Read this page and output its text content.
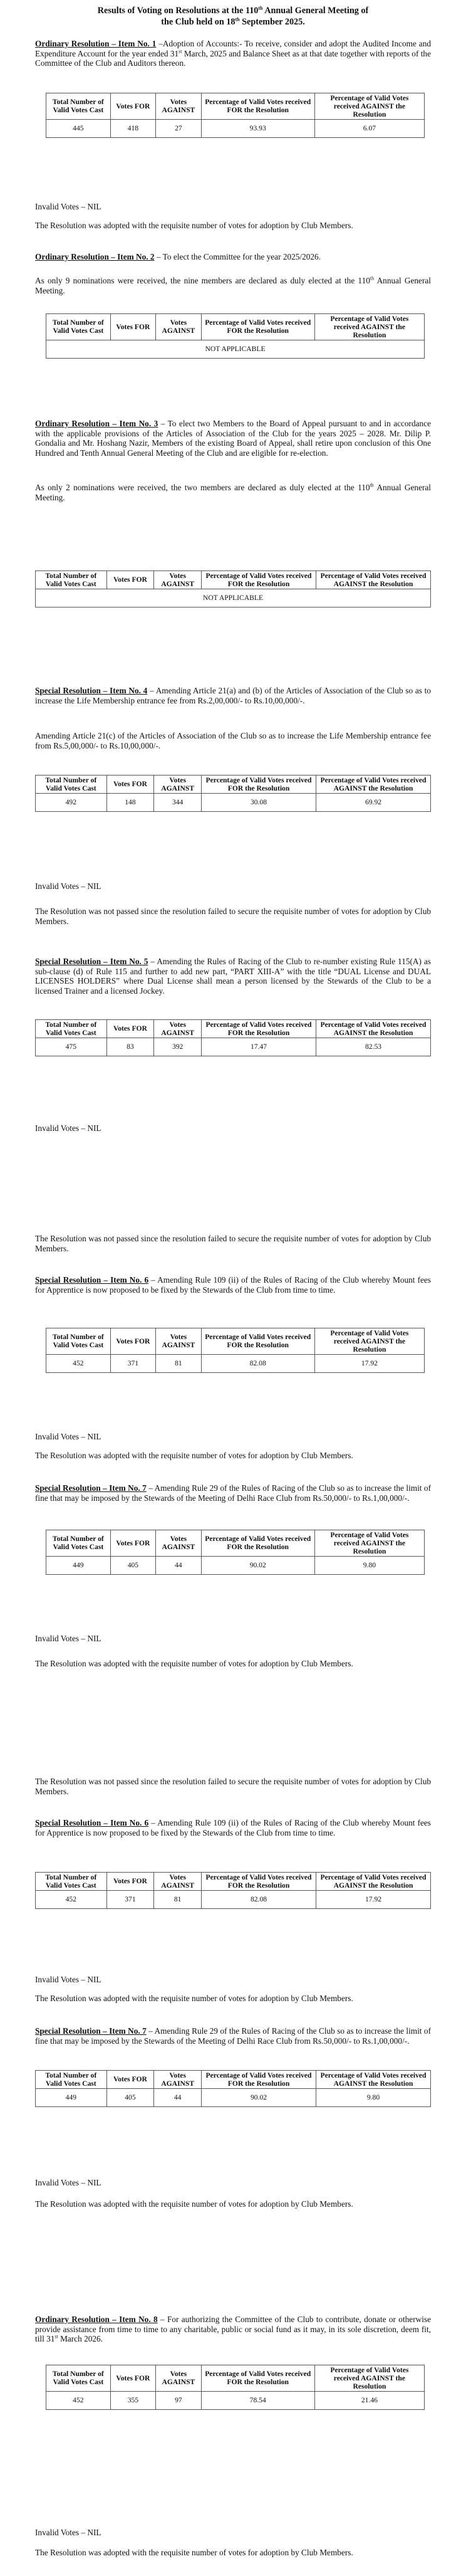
Results of Voting on Resolutions at the 110th Annual General Meeting of
the Club held on 18th September 2025.

Ordinary Resolution – Item No. 1 –Adoption of Accounts:- To receive, consider and adopt the Audited Income and Expenditure Account for the year ended 31st March, 2025 and Balance Sheet as at that date together with reports of the Committee of the Club and Auditors thereon.

Total Number of Valid Votes Cast	Votes FOR	Votes AGAINST	Percentage of Valid Votes received FOR the Resolution	Percentage of Valid Votes received AGAINST the Resolution
445	418	27	93.93	6.07

Invalid Votes – NIL

The Resolution was adopted with the requisite number of votes for adoption by Club Members.

Ordinary Resolution – Item No. 2 – To elect the Committee for the year 2025/2026.

As only 9 nominations were received, the nine members are declared as duly elected at the 110th Annual General Meeting.

Total Number of Valid Votes Cast	Votes FOR	Votes AGAINST	Percentage of Valid Votes received FOR the Resolution	Percentage of Valid Votes received AGAINST the Resolution
NOT APPLICABLE

Ordinary Resolution – Item No. 3 – To elect two Members to the Board of Appeal pursuant to and in accordance with the applicable provisions of the Articles of Association of the Club for the years 2025 – 2028. Mr. Dilip P. Gondalia and Mr. Hoshang Nazir, Members of the existing Board of Appeal, shall retire upon conclusion of this One Hundred and Tenth Annual General Meeting of the Club and are eligible for re-election.

As only 2 nominations were received, the two members are declared as duly elected at the 110th Annual General Meeting.

Total Number of Valid Votes Cast	Votes FOR	Votes AGAINST	Percentage of Valid Votes received FOR the Resolution	Percentage of Valid Votes received AGAINST the Resolution
NOT APPLICABLE

Special Resolution – Item No. 4 – Amending Article 21(a) and (b) of the Articles of Association of the Club so as to increase the Life Membership entrance fee from Rs.2,00,000/- to Rs.10,00,000/-.

Amending Article 21(c) of the Articles of Association of the Club so as to increase the Life Membership entrance fee from Rs.5,00,000/- to Rs.10,00,000/-.

Total Number of Valid Votes Cast	Votes FOR	Votes AGAINST	Percentage of Valid Votes received FOR the Resolution	Percentage of Valid Votes received AGAINST the Resolution
492	148	344	30.08	69.92

Invalid Votes – NIL

The Resolution was not passed since the resolution failed to secure the requisite number of votes for adoption by Club Members.

Special Resolution – Item No. 5 – Amending the Rules of Racing of the Club to re-number existing Rule 115(A) as sub-clause (d) of Rule 115 and further to add new part, “PART XIII-A” with the title “DUAL License and DUAL LICENSES HOLDERS” where Dual License shall mean a person licensed by the Stewards of the Club to be a licensed Trainer and a licensed Jockey.

Total Number of Valid Votes Cast	Votes FOR	Votes AGAINST	Percentage of Valid Votes received FOR the Resolution	Percentage of Valid Votes received AGAINST the Resolution
475	83	392	17.47	82.53

Invalid Votes – NIL

The Resolution was not passed since the resolution failed to secure the requisite number of votes for adoption by Club Members.

Special Resolution – Item No. 6 – Amending Rule 109 (ii) of the Rules of Racing of the Club whereby Mount fees for Apprentice is now proposed to be fixed by the Stewards of the Club from time to time.

Total Number of Valid Votes Cast	Votes FOR	Votes AGAINST	Percentage of Valid Votes received FOR the Resolution	Percentage of Valid Votes received AGAINST the Resolution
452	371	81	82.08	17.92

Invalid Votes – NIL

The Resolution was adopted with the requisite number of votes for adoption by Club Members.

Special Resolution – Item No. 7 – Amending Rule 29 of the Rules of Racing of the Club so as to increase the limit of fine that may be imposed by the Stewards of the Meeting of Delhi Race Club from Rs.50,000/- to Rs.1,00,000/-.

Total Number of Valid Votes Cast	Votes FOR	Votes AGAINST	Percentage of Valid Votes received FOR the Resolution	Percentage of Valid Votes received AGAINST the Resolution
449	405	44	90.02	9.80

Invalid Votes – NIL

The Resolution was adopted with the requisite number of votes for adoption by Club Members.

The Resolution was not passed since the resolution failed to secure the requisite number of votes for adoption by Club Members.

Special Resolution – Item No. 6 – Amending Rule 109 (ii) of the Rules of Racing of the Club whereby Mount fees for Apprentice is now proposed to be fixed by the Stewards of the Club from time to time.

Total Number of Valid Votes Cast	Votes FOR	Votes AGAINST	Percentage of Valid Votes received FOR the Resolution	Percentage of Valid Votes received AGAINST the Resolution
452	371	81	82.08	17.92

Invalid Votes – NIL

The Resolution was adopted with the requisite number of votes for adoption by Club Members.

Special Resolution – Item No. 7 – Amending Rule 29 of the Rules of Racing of the Club so as to increase the limit of fine that may be imposed by the Stewards of the Meeting of Delhi Race Club from Rs.50,000/- to Rs.1,00,000/-.

Total Number of Valid Votes Cast	Votes FOR	Votes AGAINST	Percentage of Valid Votes received FOR the Resolution	Percentage of Valid Votes received AGAINST the Resolution
449	405	44	90.02	9.80

Invalid Votes – NIL

The Resolution was adopted with the requisite number of votes for adoption by Club Members.

Ordinary Resolution – Item No. 8 – For authorizing the Committee of the Club to contribute, donate or otherwise provide assistance from time to time to any charitable, public or social fund as it may, in its sole discretion, deem fit, till 31st March 2026.

Total Number of Valid Votes Cast	Votes FOR	Votes AGAINST	Percentage of Valid Votes received FOR the Resolution	Percentage of Valid Votes received AGAINST the Resolution
452	355	97	78.54	21.46

Invalid Votes – NIL

The Resolution was adopted with the requisite number of votes for adoption by Club Members.
